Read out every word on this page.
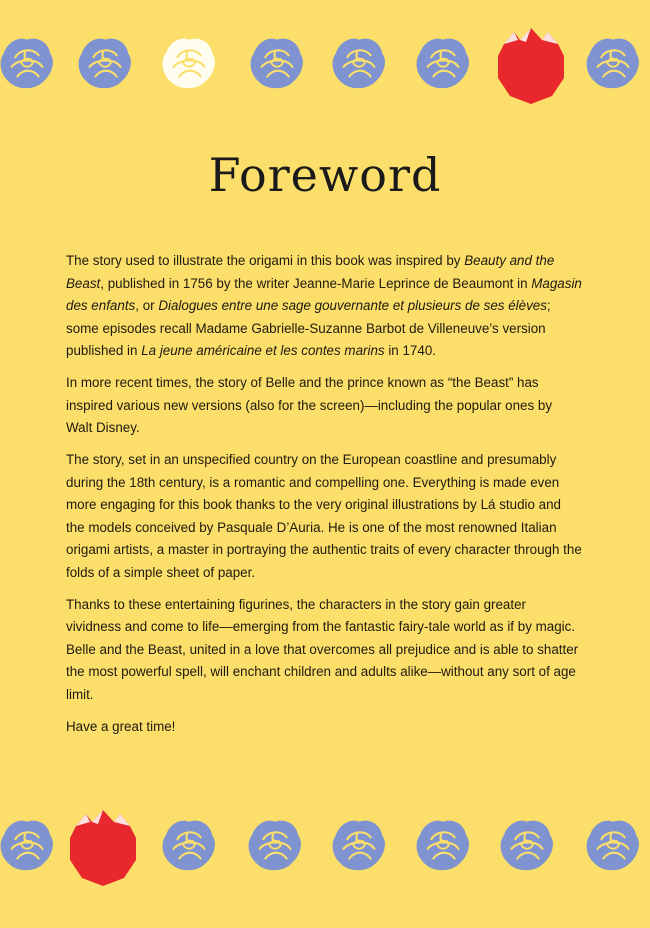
Foreword

The story used to illustrate the origami in this book was inspired by Beauty and the Beast, published in 1756 by the writer Jeanne-Marie Leprince de Beaumont in Magasin des enfants, or Dialogues entre une sage gouvernante et plusieurs de ses élèves; some episodes recall Madame Gabrielle-Suzanne Barbot de Villeneuve’s version published in La jeune américaine et les contes marins in 1740.

In more recent times, the story of Belle and the prince known as “the Beast” has inspired various new versions (also for the screen)—including the popular ones by Walt Disney.

The story, set in an unspecified country on the European coastline and presumably during the 18th century, is a romantic and compelling one. Everything is made even more engaging for this book thanks to the very original illustrations by Lá studio and the models conceived by Pasquale D’Auria. He is one of the most renowned Italian origami artists, a master in portraying the authentic traits of every character through the folds of a simple sheet of paper.

Thanks to these entertaining figurines, the characters in the story gain greater vividness and come to life—emerging from the fantastic fairy-tale world as if by magic. Belle and the Beast, united in a love that overcomes all prejudice and is able to shatter the most powerful spell, will enchant children and adults alike—without any sort of age limit.

Have a great time!
